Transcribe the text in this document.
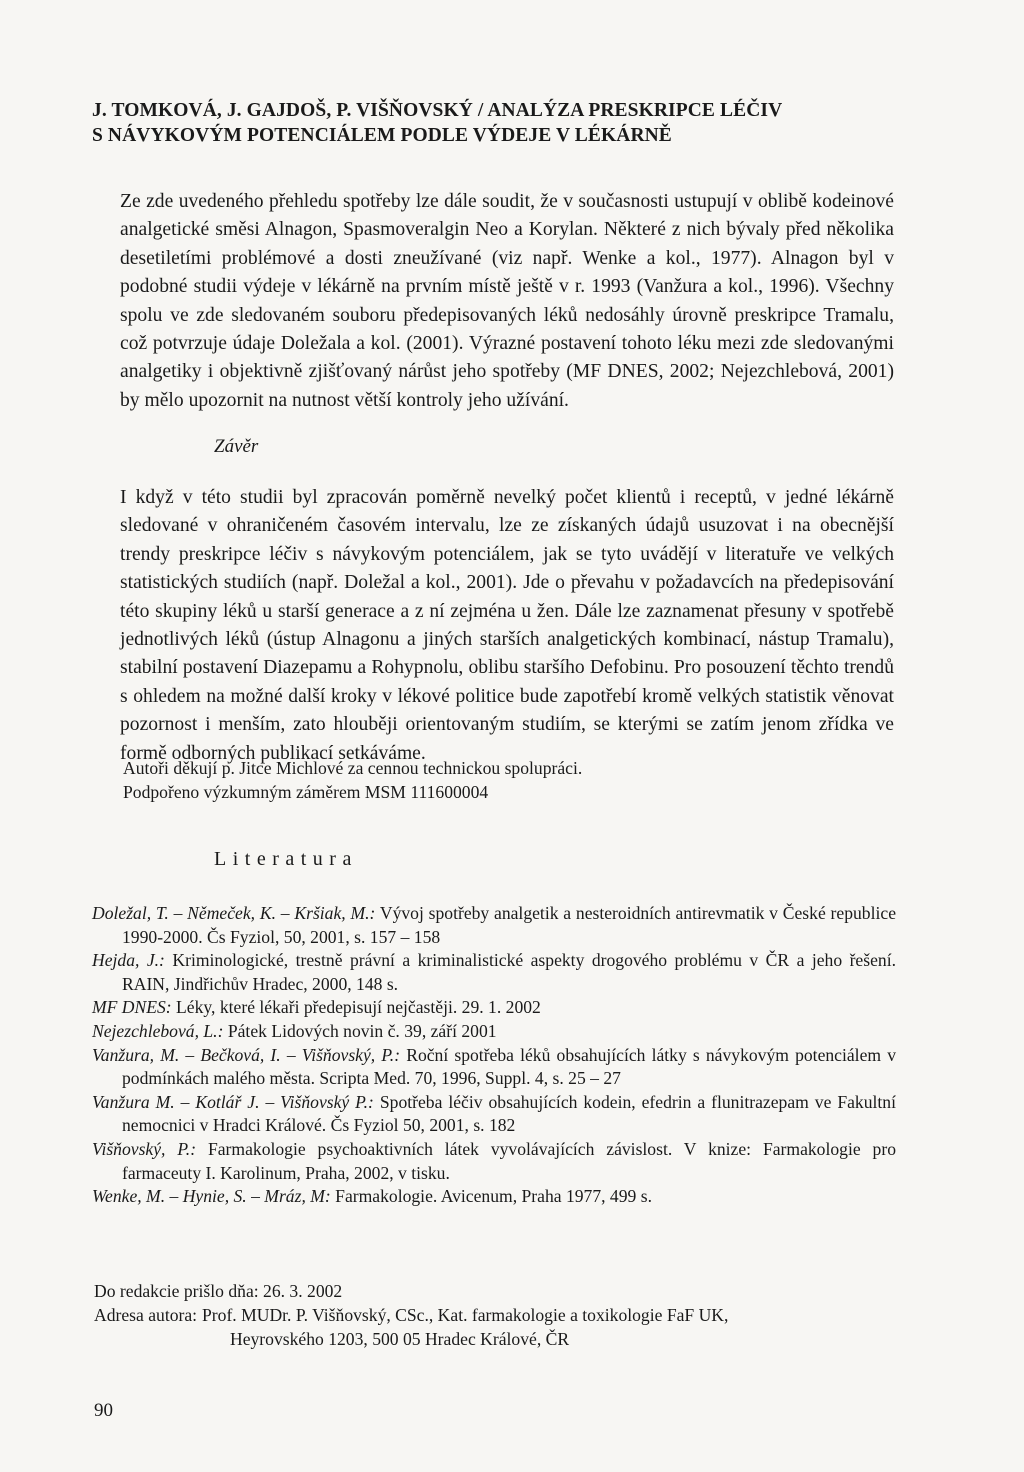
J. TOMKOVÁ, J. GAJDOŠ, P. VIŠŇOVSKÝ / ANALÝZA PRESKRIPCE LÉČIV
S NÁVYKOVÝM POTENCIÁLEM PODLE VÝDEJE V LÉKÁRNĚ

Ze zde uvedeného přehledu spotřeby lze dále soudit, že v současnosti ustupují v oblibě kodeinové analgetické směsi Alnagon, Spasmoveralgin Neo a Korylan. Některé z nich bývaly před několika desetiletími problémové a dosti zneužívané (viz např. Wenke a kol., 1977). Alnagon byl v podobné studii výdeje v lékárně na prvním místě ještě v r. 1993 (Vanžura a kol., 1996). Všechny spolu ve zde sledovaném souboru předepisovaných léků nedosáhly úrovně preskripce Tramalu, což potvrzuje údaje Doležala a kol. (2001). Výrazné postavení tohoto léku mezi zde sledovanými analgetiky i objektivně zjišťovaný nárůst jeho spotřeby (MF DNES, 2002; Nejezchlebová, 2001) by mělo upozornit na nutnost větší kontroly jeho užívání.

Závěr

I když v této studii byl zpracován poměrně nevelký počet klientů i receptů, v jedné lékárně sledované v ohraničeném časovém intervalu, lze ze získaných údajů usuzovat i na obecnější trendy preskripce léčiv s návykovým potenciálem, jak se tyto uvádějí v literatuře ve velkých statistických studiích (např. Doležal a kol., 2001). Jde o převahu v požadavcích na předepisování této skupiny léků u starší generace a z ní zejména u žen. Dále lze zaznamenat přesuny v spotřebě jednotlivých léků (ústup Alnagonu a jiných starších analgetických kombinací, nástup Tramalu), stabilní postavení Diazepamu a Rohypnolu, oblibu staršího Defobinu. Pro posouzení těchto trendů s ohledem na možné další kroky v lékové politice bude zapotřebí kromě velkých statistik věnovat pozornost i menším, zato hlouběji orientovaným studiím, se kterými se zatím jenom zřídka ve formě odborných publikací setkáváme.

Autoři děkují p. Jitce Michlové za cennou technickou spolupráci.
Podpořeno výzkumným záměrem MSM 111600004
Literatura

Doležal, T. – Němeček, K. – Kršiak, M.: Vývoj spotřeby analgetik a nesteroidních antirevmatik v České republice 1990-2000. Čs Fyziol, 50, 2001, s. 157 – 158

Hejda, J.: Kriminologické, trestně právní a kriminalistické aspekty drogového problému v ČR a jeho řešení. RAIN, Jindřichův Hradec, 2000, 148 s.

MF DNES: Léky, které lékaři předepisují nejčastěji. 29. 1. 2002

Nejezchlebová, L.: Pátek Lidových novin č. 39, září 2001

Vanžura, M. – Bečková, I. – Višňovský, P.: Roční spotřeba léků obsahujících látky s návykovým potenciálem v podmínkách malého města. Scripta Med. 70, 1996, Suppl. 4, s. 25 – 27

Vanžura M. – Kotlář J. – Višňovský P.: Spotřeba léčiv obsahujících kodein, efedrin a flunitrazepam ve Fakultní nemocnici v Hradci Králové. Čs Fyziol 50, 2001, s. 182

Višňovský, P.: Farmakologie psychoaktivních látek vyvolávajících závislost. V knize: Farmakologie pro farmaceuty I. Karolinum, Praha, 2002, v tisku.

Wenke, M. – Hynie, S. – Mráz, M: Farmakologie. Avicenum, Praha 1977, 499 s.

Do redakcie prišlo dňa: 26. 3. 2002
Adresa autora: Prof. MUDr. P. Višňovský, CSc., Kat. farmakologie a toxikologie FaF UK,
Heyrovského 1203, 500 05 Hradec Králové, ČR
90
